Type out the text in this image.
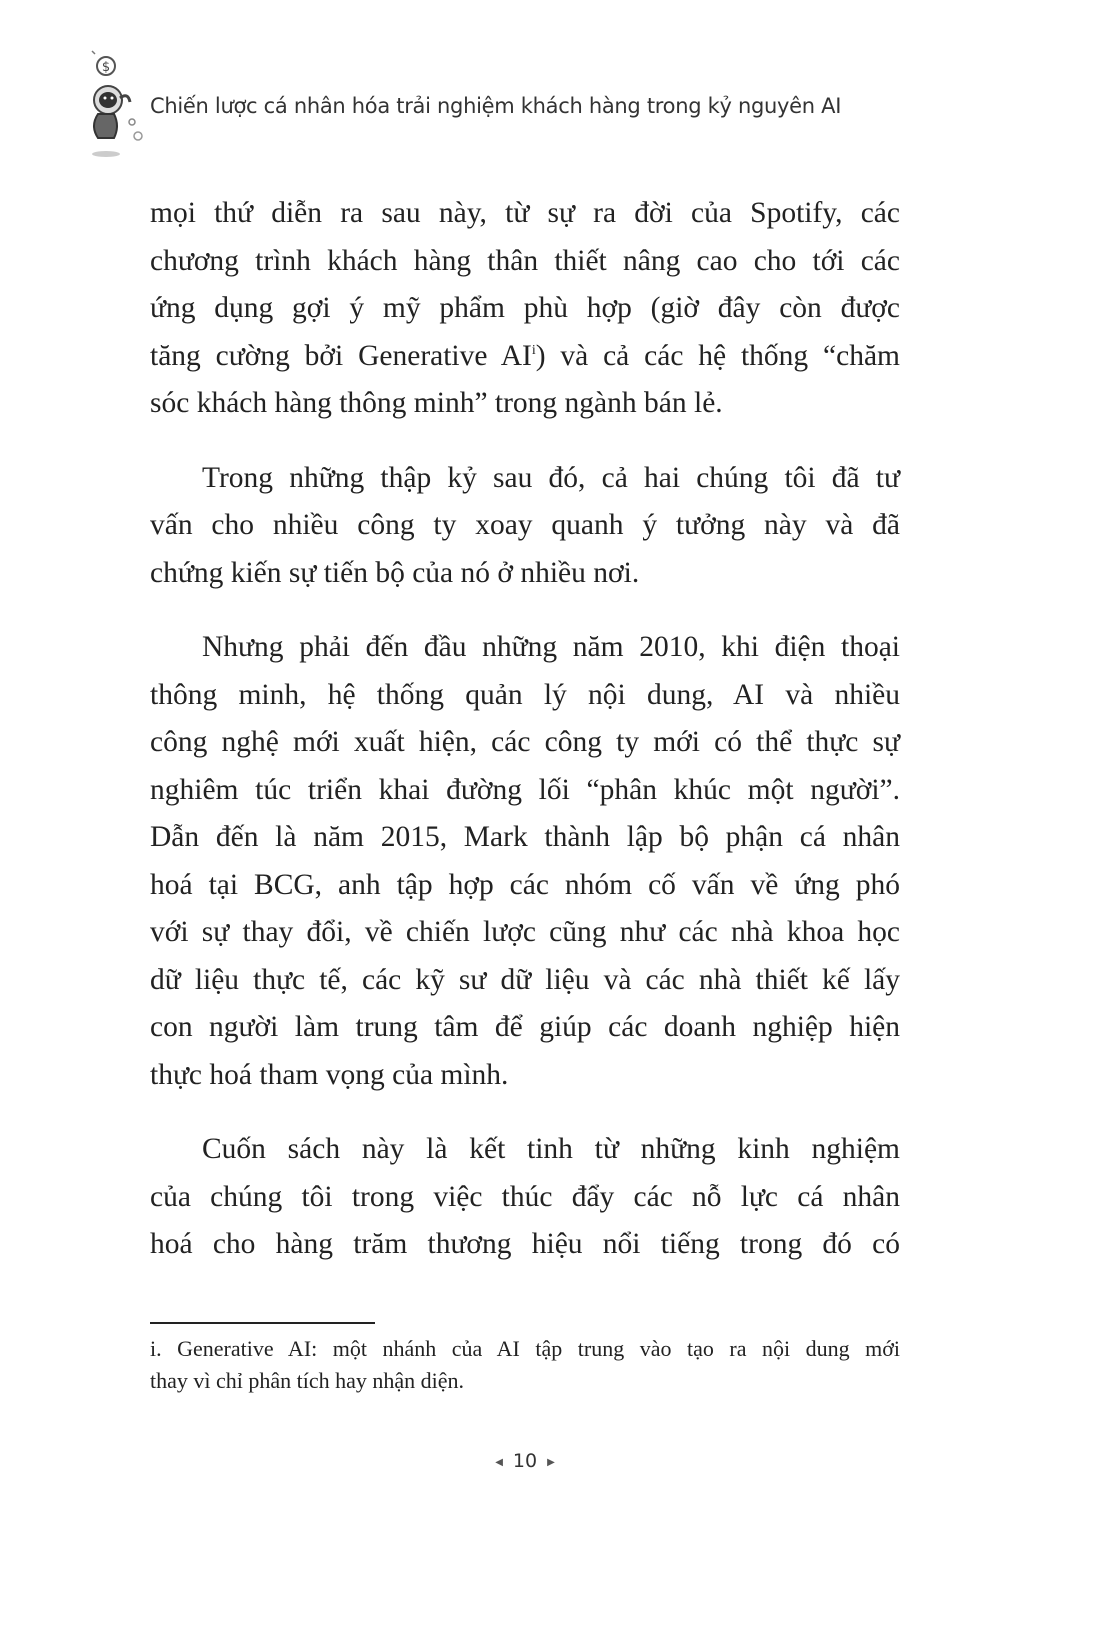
$
Chiến lược cá nhân hóa trải nghiệm khách hàng trong kỷ nguyên AI
mọi thứ diễn ra sau này, từ sự ra đời của Spotify, các
chương trình khách hàng thân thiết nâng cao cho tới các
ứng dụng gợi ý mỹ phẩm phù hợp (giờ đây còn được
tăng cường bởi Generative $AI^i$) và cả các hệ thống “chăm
sóc khách hàng thông minh” trong ngành bán lẻ.
Trong những thập kỷ sau đó, cả hai chúng tôi đã tư
vấn cho nhiều công ty xoay quanh ý tưởng này và đã
chứng kiến sự tiến bộ của nó ở nhiều nơi.
Nhưng phải đến đầu những năm 2010, khi điện thoại
thông minh, hệ thống quản lý nội dung, AI và nhiều
công nghệ mới xuất hiện, các công ty mới có thể thực sự
nghiêm túc triển khai đường lối “phân khúc một người”.
Dẫn đến là năm 2015, Mark thành lập bộ phận cá nhân
hoá tại BCG, anh tập hợp các nhóm cố vấn về ứng phó
với sự thay đổi, về chiến lược cũng như các nhà khoa học
dữ liệu thực tế, các kỹ sư dữ liệu và các nhà thiết kế lấy
con người làm trung tâm để giúp các doanh nghiệp hiện
thực hoá tham vọng của mình.
Cuốn sách này là kết tinh từ những kinh nghiệm
của chúng tôi trong việc thúc đẩy các nỗ lực cá nhân
hoá cho hàng trăm thương hiệu nổi tiếng trong đó có
i. Generative AI: một nhánh của AI tập trung vào tạo ra nội dung mới
thay vì chỉ phân tích hay nhận diện.
◀ 10 ▶
